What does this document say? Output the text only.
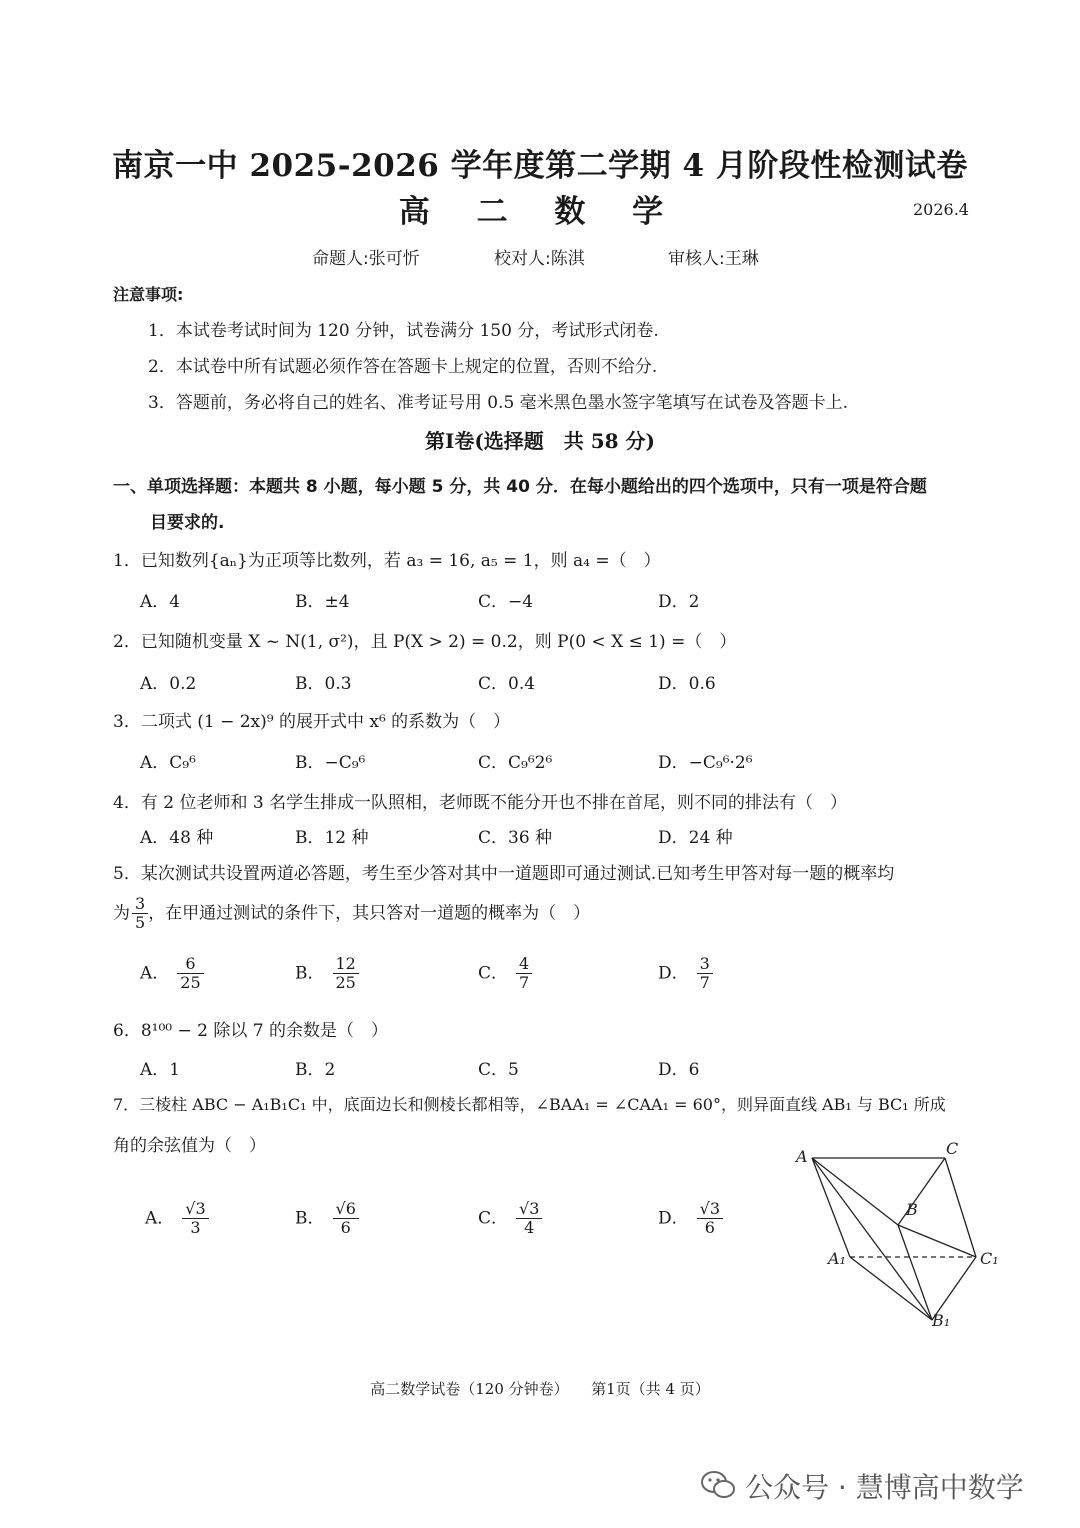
南京一中 2025-2026 学年度第二学期 4 月阶段性检测试卷
高 二 数 学	2026.4
命题人:张可忻	校对人:陈淇	审核人:王琳
注意事项:
1．本试卷考试时间为 120 分钟，试卷满分 150 分，考试形式闭卷.
2．本试卷中所有试题必须作答在答题卡上规定的位置，否则不给分.
3．答题前，务必将自己的姓名、准考证号用 0.5 毫米黑色墨水签字笔填写在试卷及答题卡上.
第Ⅰ卷(选择题　共 58 分)
一、单项选择题：本题共 8 小题，每小题 5 分，共 40 分．在每小题给出的四个选项中，只有一项是符合题
目要求的.
1．已知数列{aₙ}为正项等比数列，若 a₃ = 16, a₅ = 1，则 a₄ =（　）
A．4	B．±4	C．−4	D．2
2．已知随机变量 X ~ N(1, σ²)，且 P(X > 2) = 0.2，则 P(0 < X ≤ 1) =（　）
A．0.2	B．0.3	C．0.4	D．0.6
3．二项式 (1 − 2x)⁹ 的展开式中 x⁶ 的系数为（　）
A．C₉⁶	B．−C₉⁶	C．C₉⁶2⁶	D．−C₉⁶·2⁶
4．有 2 位老师和 3 名学生排成一队照相，老师既不能分开也不排在首尾，则不同的排法有（　）
A．48 种	B．12 种	C．36 种	D．24 种
5．某次测试共设置两道必答题，考生至少答对其中一道题即可通过测试.已知考生甲答对每一题的概率均
为 $\frac{3}{5}$ ，在甲通过测试的条件下，其只答对一道题的概率为（　）
A． $\frac{6}{25}$	B． $\frac{12}{25}$	C． $\frac{4}{7}$	D． $\frac{3}{7}$
6．8¹⁰⁰ − 2 除以 7 的余数是（　）
A．1	B．2	C．5	D．6
7．三棱柱 ABC − A₁B₁C₁ 中，底面边长和侧棱长都相等，∠BAA₁ = ∠CAA₁ = 60°，则异面直线 AB₁ 与 BC₁ 所成
角的余弦值为（　）
A． $\frac{√3}{3}$	B． $\frac{√6}{6}$	C． $\frac{√3}{4}$	D． $\frac{√3}{6}$
A	C
B
A₁	C₁
B₁
高二数学试卷（120 分钟卷）　　第1页（共 4 页）
公众号 · 慧博高中数学
